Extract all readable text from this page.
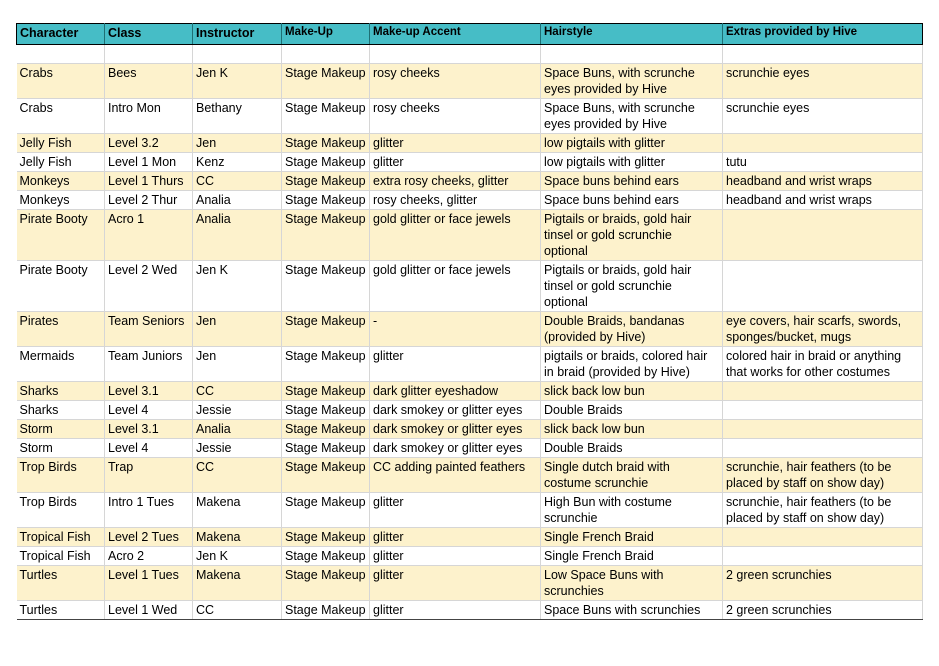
Character	Class	Instructor	Make-Up	Make-up Accent	Hairstyle	Extras provided by Hive

Crabs	Bees	Jen K	Stage Makeup	rosy cheeks	Space Buns, with scrunche eyes provided by Hive	scrunchie eyes
Crabs	Intro Mon	Bethany	Stage Makeup	rosy cheeks	Space Buns, with scrunche eyes provided by Hive	scrunchie eyes
Jelly Fish	Level 3.2	Jen	Stage Makeup	glitter	low pigtails with glitter	
Jelly Fish	Level 1 Mon	Kenz	Stage Makeup	glitter	low pigtails with glitter	tutu
Monkeys	Level 1 Thurs	CC	Stage Makeup	extra rosy cheeks, glitter	Space buns behind ears	headband and wrist wraps
Monkeys	Level 2 Thur	Analia	Stage Makeup	rosy cheeks, glitter	Space buns behind ears	headband and wrist wraps
Pirate Booty	Acro 1	Analia	Stage Makeup	gold glitter or face jewels	Pigtails or braids, gold hair tinsel or gold scrunchie optional	
Pirate Booty	Level 2 Wed	Jen K	Stage Makeup	gold glitter or face jewels	Pigtails or braids, gold hair tinsel or gold scrunchie optional	
Pirates	Team Seniors	Jen	Stage Makeup	-	Double Braids, bandanas (provided by Hive)	eye covers, hair scarfs, swords, sponges/bucket, mugs
Mermaids	Team Juniors	Jen	Stage Makeup	glitter	pigtails or braids, colored hair in braid (provided by Hive)	colored hair in braid or anything that works for other costumes
Sharks	Level 3.1	CC	Stage Makeup	dark glitter eyeshadow	slick back low bun	
Sharks	Level 4	Jessie	Stage Makeup	dark smokey or glitter eyes	Double Braids	
Storm	Level 3.1	Analia	Stage Makeup	dark smokey or glitter eyes	slick back low bun	
Storm	Level 4	Jessie	Stage Makeup	dark smokey or glitter eyes	Double Braids	
Trop Birds	Trap	CC	Stage Makeup	CC adding painted feathers	Single dutch braid with costume scrunchie	scrunchie, hair feathers (to be placed by staff on show day)
Trop Birds	Intro 1 Tues	Makena	Stage Makeup	glitter	High Bun with costume scrunchie	scrunchie, hair feathers (to be placed by staff on show day)
Tropical Fish	Level 2 Tues	Makena	Stage Makeup	glitter	Single French Braid	
Tropical Fish	Acro 2	Jen K	Stage Makeup	glitter	Single French Braid	
Turtles	Level 1 Tues	Makena	Stage Makeup	glitter	Low Space Buns with scrunchies	2 green scrunchies
Turtles	Level 1 Wed	CC	Stage Makeup	glitter	Space Buns with scrunchies	2 green scrunchies
